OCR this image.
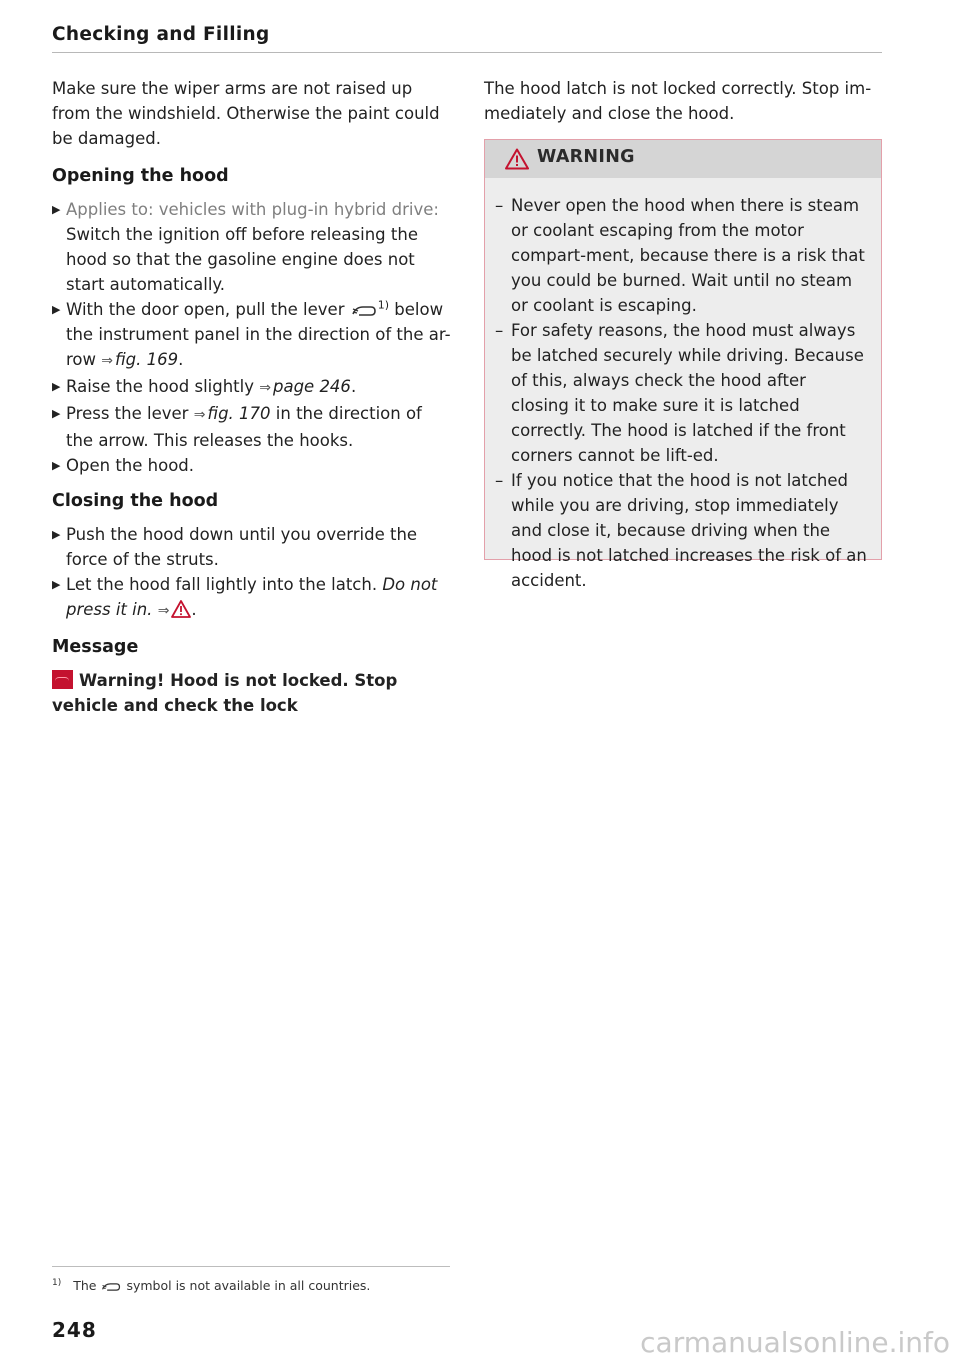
Checking and Filling

Make sure the wiper arms are not raised up from the windshield. Otherwise the paint could be damaged.

Opening the hood
▶ Applies to: vehicles with plug-in hybrid drive: Switch the ignition off before releasing the hood so that the gasoline engine does not start automatically.
▶ With the door open, pull the lever	$^{1)}$ below the instrument panel in the direction of the ar-row ⇒ fig. 169.
▶ Raise the hood slightly ⇒ page 246.
▶ Press the lever ⇒ fig. 170 in the direction of the arrow. This releases the hooks.
▶ Open the hood.
Closing the hood
▶ Push the hood down until you override the force of the struts.
▶ Let the hood fall lightly into the latch. Do not press it in. ⇒ .
Message

Warning! Hood is not locked. Stop vehicle and check the lock

The hood latch is not locked correctly. Stop im-mediately and close the hood.

WARNING
– Never open the hood when there is steam or coolant escaping from the motor compart-ment, because there is a risk that you could be burned. Wait until no steam or coolant is escaping.
– For safety reasons, the hood must always be latched securely while driving. Because of this, always check the hood after closing it to make sure it is latched correctly. The hood is latched if the front corners cannot be lift-ed.
– If you notice that the hood is not latched while you are driving, stop immediately and close it, because driving when the hood is not latched increases the risk of an accident.
$^{1)}$ The symbol is not available in all countries.
248	carmanualsonline.info
